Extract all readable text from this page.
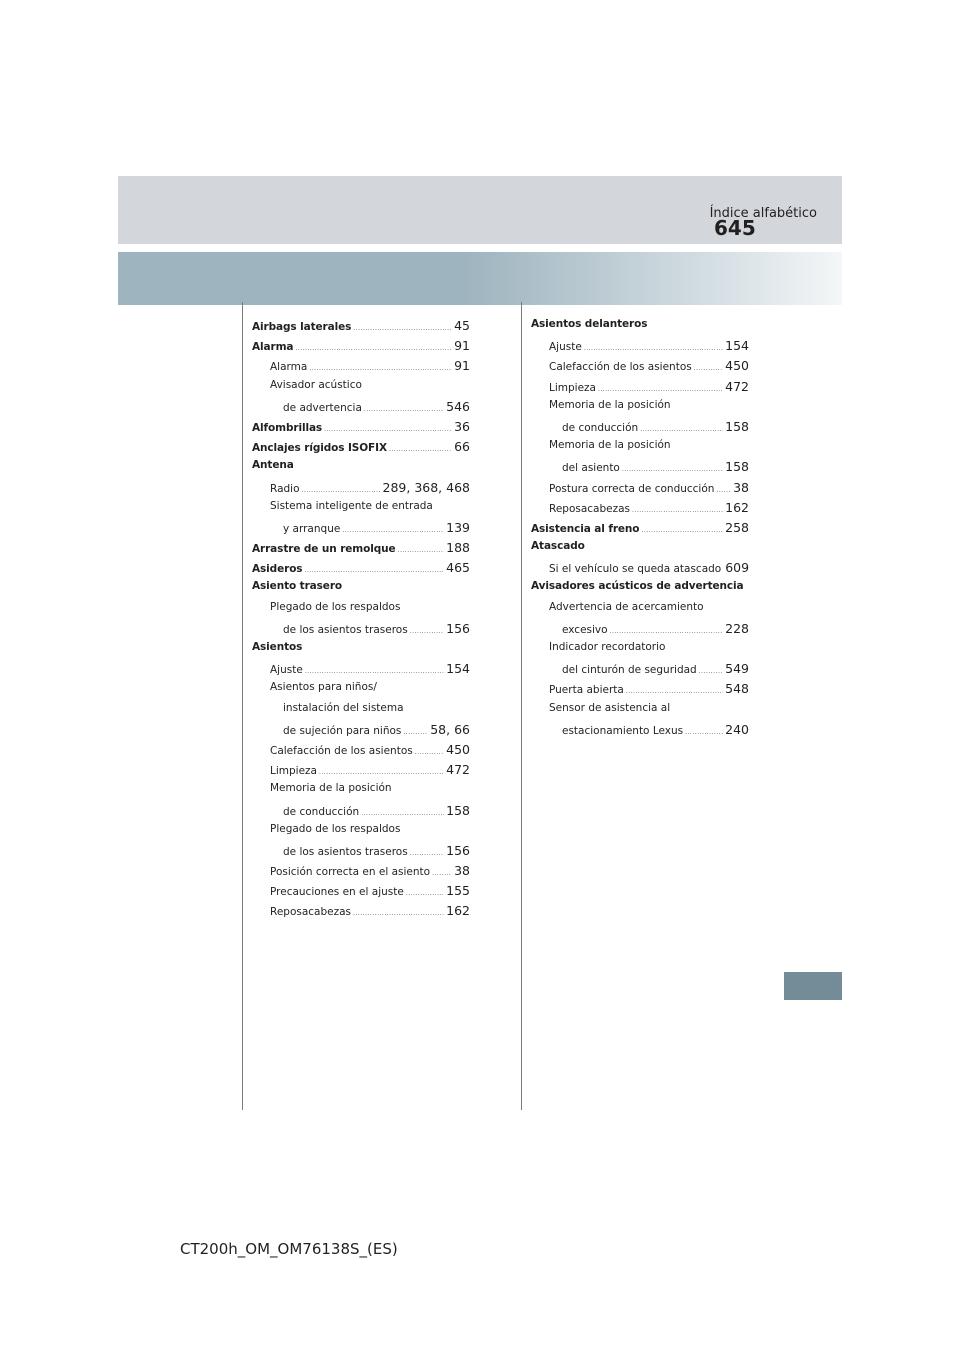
Índice alfabético
645
Airbags laterales .....	45
Alarma .....	91
Alarma .....	91
Avisador acústico
de advertencia .....	546
Alfombrillas .....	36
Anclajes rígidos ISOFIX .....	66
Antena
Radio .....	289, 368, 468
Sistema inteligente de entrada
y arranque .....	139
Arrastre de un remolque .....	188
Asideros .....	465
Asiento trasero
Plegado de los respaldos
de los asientos traseros .....	156
Asientos
Ajuste .....	154
Asientos para niños/
instalación del sistema
de sujeción para niños ..... 58, 66
Calefacción de los asientos .....	450
Limpieza .....	472
Memoria de la posición
de conducción .....	158
Plegado de los respaldos
de los asientos traseros .....	156
Posición correcta en el asiento ..... 38
Precauciones en el ajuste .....	155
Reposacabezas .....	162
Asientos delanteros
Ajuste .....	154
Calefacción de los asientos .....	450
Limpieza .....	472
Memoria de la posición
de conducción .....	158
Memoria de la posición
del asiento .....	158
Postura correcta de conducción ..... 38
Reposacabezas .....	162
Asistencia al freno .....	258
Atascado
Si el vehículo se queda atascado 609
Avisadores acústicos de advertencia
Advertencia de acercamiento
excesivo .....	228
Indicador recordatorio
del cinturón de seguridad ..... 549
Puerta abierta .....	548
Sensor de asistencia al
estacionamiento Lexus .....	240
CT200h_OM_OM76138S_(ES)
